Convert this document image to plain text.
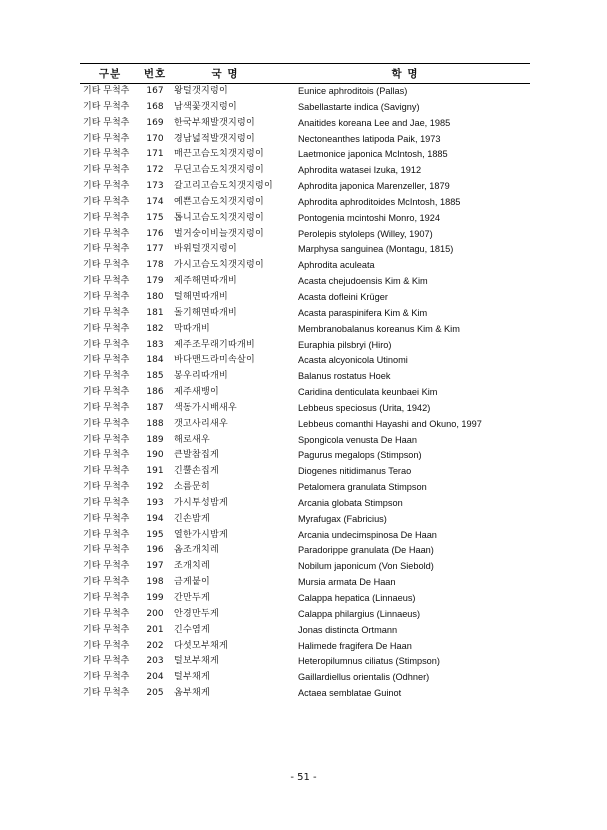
구분	번호	국 명	학 명
기타 무척추	167	왕털갯지렁이	Eunice aphroditois (Pallas)
기타 무척추	168	남색꽃갯지렁이	Sabellastarte indica (Savigny)
기타 무척추	169	한국부채발갯지렁이	Anaitides koreana Lee and Jae, 1985
기타 무척추	170	경남넓적발갯지렁이	Nectoneanthes latipoda Paik, 1973
기타 무척추	171	매끈고슴도치갯지렁이	Laetmonice japonica McIntosh, 1885
기타 무척추	172	무딘고슴도치갯지렁이	Aphrodita watasei Izuka, 1912
기타 무척추	173	갈고리고슴도치갯지렁이	Aphrodita japonica Marenzeller, 1879
기타 무척추	174	예쁜고슴도치갯지렁이	Aphrodita aphroditoides McIntosh, 1885
기타 무척추	175	톱니고슴도치갯지렁이	Pontogenia mcintoshi Monro, 1924
기타 무척추	176	벌거숭이비늘갯지렁이	Perolepis styloleps (Willey, 1907)
기타 무척추	177	바위털갯지렁이	Marphysa sanguinea (Montagu, 1815)
기타 무척추	178	가시고슴도치갯지렁이	Aphrodita aculeata
기타 무척추	179	제주해면따개비	Acasta chejudoensis Kim & Kim
기타 무척추	180	털해면따개비	Acasta dofleini Krüger
기타 무척추	181	돌기해면따개비	Acasta paraspinifera Kim & Kim
기타 무척추	182	막따개비	Membranobalanus koreanus Kim & Kim
기타 무척추	183	제주조무래기따개비	Euraphia pilsbryi (Hiro)
기타 무척추	184	바다맨드라미속살이	Acasta alcyonicola Utinomi
기타 무척추	185	봉우리따개비	Balanus rostatus Hoek
기타 무척추	186	제주새뱅이	Caridina denticulata keunbaei Kim
기타 무척추	187	색동가시배새우	Lebbeus speciosus (Urita, 1942)
기타 무척추	188	갯고사리새우	Lebbeus comanthi Hayashi and Okuno, 1997
기타 무척추	189	해로새우	Spongicola venusta De Haan
기타 무척추	190	큰발참집게	Pagurus megalops (Stimpson)
기타 무척추	191	긴뿔손집게	Diogenes nitidimanus Terao
기타 무척추	192	소름문히	Petalomera granulata Stimpson
기타 무척추	193	가시투성밤게	Arcania globata Stimpson
기타 무척추	194	긴손밤게	Myrafugax (Fabricius)
기타 무척추	195	열한가시밤게	Arcania undecimspinosa De Haan
기타 무척추	196	옴조개치레	Paradorippe granulata (De Haan)
기타 무척추	197	조개치레	Nobilum japonicum (Von Siebold)
기타 무척추	198	금게붙이	Mursia armata De Haan
기타 무척추	199	간만두게	Calappa hepatica (Linnaeus)
기타 무척추	200	안경만두게	Calappa philargius (Linnaeus)
기타 무척추	201	긴수염게	Jonas distincta Ortmann
기타 무척추	202	다섯모부채게	Halimede fragifera De Haan
기타 무척추	203	털보부채게	Heteropilumnus ciliatus (Stimpson)
기타 무척추	204	털부채게	Gaillardiellus orientalis (Odhner)
기타 무척추	205	옴부채게	Actaea semblatae Guinot
- 51 -
